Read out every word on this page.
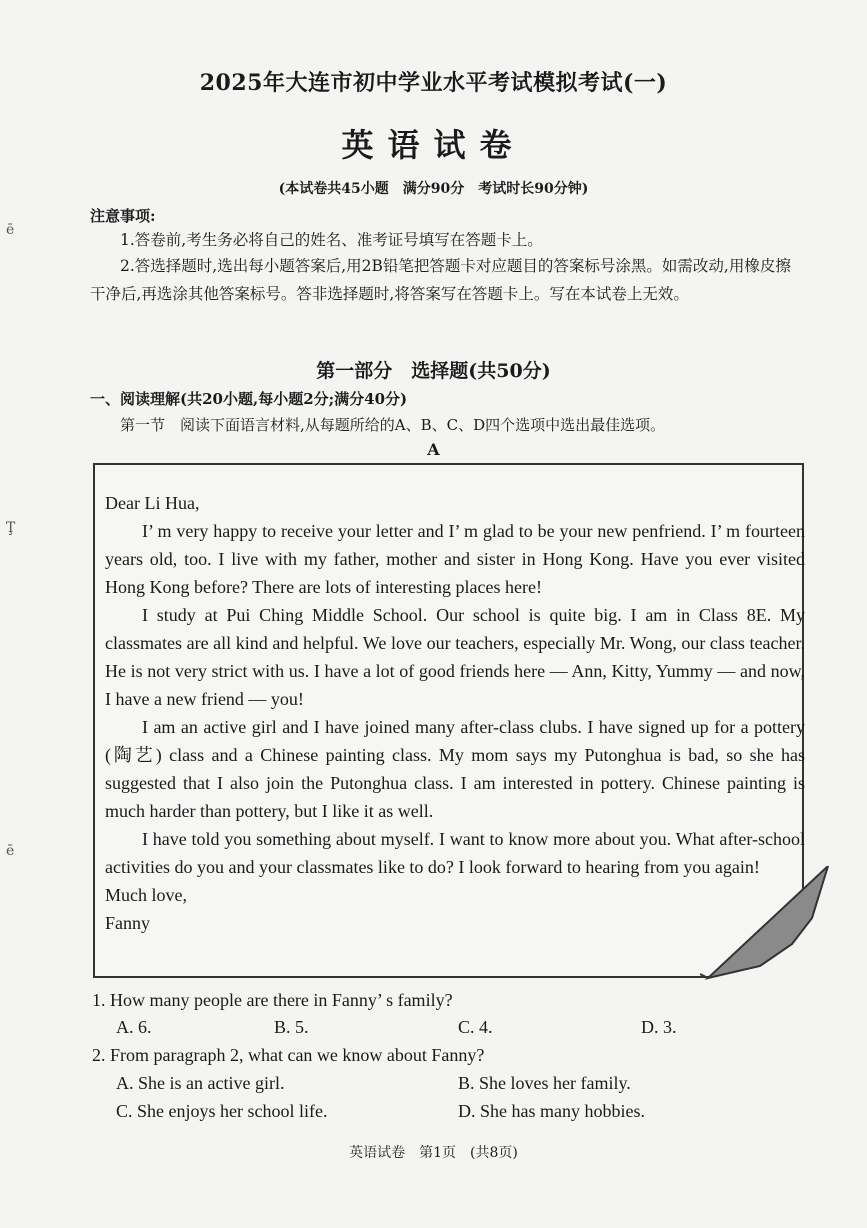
ē
Ţ
ē
2025年大连市初中学业水平考试模拟考试(一)
英语试卷
(本试卷共45小题　满分90分　考试时长90分钟)
注意事项:
1.答卷前,考生务必将自己的姓名、准考证号填写在答题卡上。
2.答选择题时,选出每小题答案后,用2B铅笔把答题卡对应题目的答案标号涂黑。如需改动,用橡皮擦干净后,再选涂其他答案标号。答非选择题时,将答案写在答题卡上。写在本试卷上无效。
第一部分　选择题(共50分)
一、阅读理解(共20小题,每小题2分;满分40分)
第一节　阅读下面语言材料,从每题所给的A、B、C、D四个选项中选出最佳选项。
A

Dear Li Hua,

I’ m very happy to receive your letter and I’ m glad to be your new penfriend. I’ m fourteen years old, too. I live with my father, mother and sister in Hong Kong. Have you ever visited Hong Kong before? There are lots of interesting places here!

I study at Pui Ching Middle School. Our school is quite big. I am in Class 8E. My classmates are all kind and helpful. We love our teachers, especially Mr. Wong, our class teacher. He is not very strict with us. I have a lot of good friends here — Ann, Kitty, Yummy — and now, I have a new friend — you!

I am an active girl and I have joined many after-class clubs. I have signed up for a pottery (陶艺) class and a Chinese painting class. My mom says my Putonghua is bad, so she has suggested that I also join the Putonghua class. I am interested in pottery. Chinese painting is much harder than pottery, but I like it as well.

I have told you something about myself. I want to know more about you. What after-school activities do you and your classmates like to do? I look forward to hearing from you again!

Much love,

Fanny

1. How many people are there in Fanny’ s family?
A. 6.	B. 5.	C. 4.	D. 3.
2. From paragraph 2, what can we know about Fanny?
A. She is an active girl.	B. She loves her family.
C. She enjoys her school life.	D. She has many hobbies.
英语试卷　第1页　(共8页)
